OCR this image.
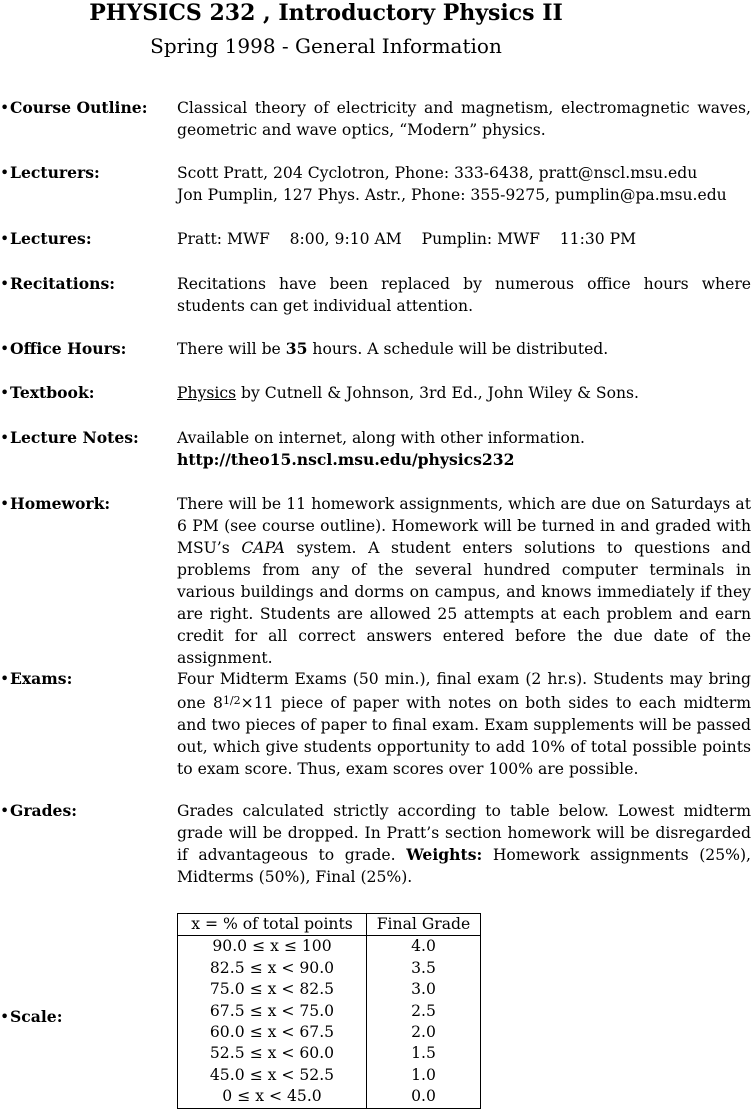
PHYSICS 232 , Introductory Physics II
Spring 1998 - General Information
•Course Outline:	Classical theory of electricity and magnetism, electromagnetic waves, geometric and wave optics, “Modern” physics.
•Lecturers:	Scott Pratt, 204 Cyclotron, Phone: 333-6438, pratt@nscl.msu.edu
Jon Pumplin, 127 Phys. Astr., Phone: 355-9275, pumplin@pa.msu.edu
•Lectures:	Pratt: MWF    8:00, 9:10 AM    Pumplin: MWF    11:30 PM
•Recitations:	Recitations have been replaced by numerous office hours where students can get individual attention.
•Office Hours:	There will be 35 hours. A schedule will be distributed.
•Textbook:	Physics by Cutnell & Johnson, 3rd Ed., John Wiley & Sons.
•Lecture Notes:	Available on internet, along with other information.
http://theo15.nscl.msu.edu/physics232
•Homework:	There will be 11 homework assignments, which are due on Saturdays at 6 PM (see course outline). Homework will be turned in and graded with MSU’s CAPA system. A student enters solutions to questions and problems from any of the several hundred computer terminals in various buildings and dorms on campus, and knows immediately if they are right. Students are allowed 25 attempts at each problem and earn credit for all correct answers entered before the due date of the assignment.
•Exams:	Four Midterm Exams (50 min.), final exam (2 hr.s). Students may bring one $8^{1/2}\times 11$ piece of paper with notes on both sides to each midterm and two pieces of paper to final exam. Exam supplements will be passed out, which give students opportunity to add 10% of total possible points to exam score. Thus, exam scores over 100% are possible.
•Grades:	Grades calculated strictly according to table below. Lowest midterm grade will be dropped. In Pratt’s section homework will be disregarded if advantageous to grade. Weights: Homework assignments (25%), Midterms (50%), Final (25%).
•Scale:
x = % of total points	Final Grade
90.0 ≤ x ≤ 100	4.0
82.5 ≤ x < 90.0	3.5
75.0 ≤ x < 82.5	3.0
67.5 ≤ x < 75.0	2.5
60.0 ≤ x < 67.5	2.0
52.5 ≤ x < 60.0	1.5
45.0 ≤ x < 52.5	1.0
0 ≤ x < 45.0	0.0
